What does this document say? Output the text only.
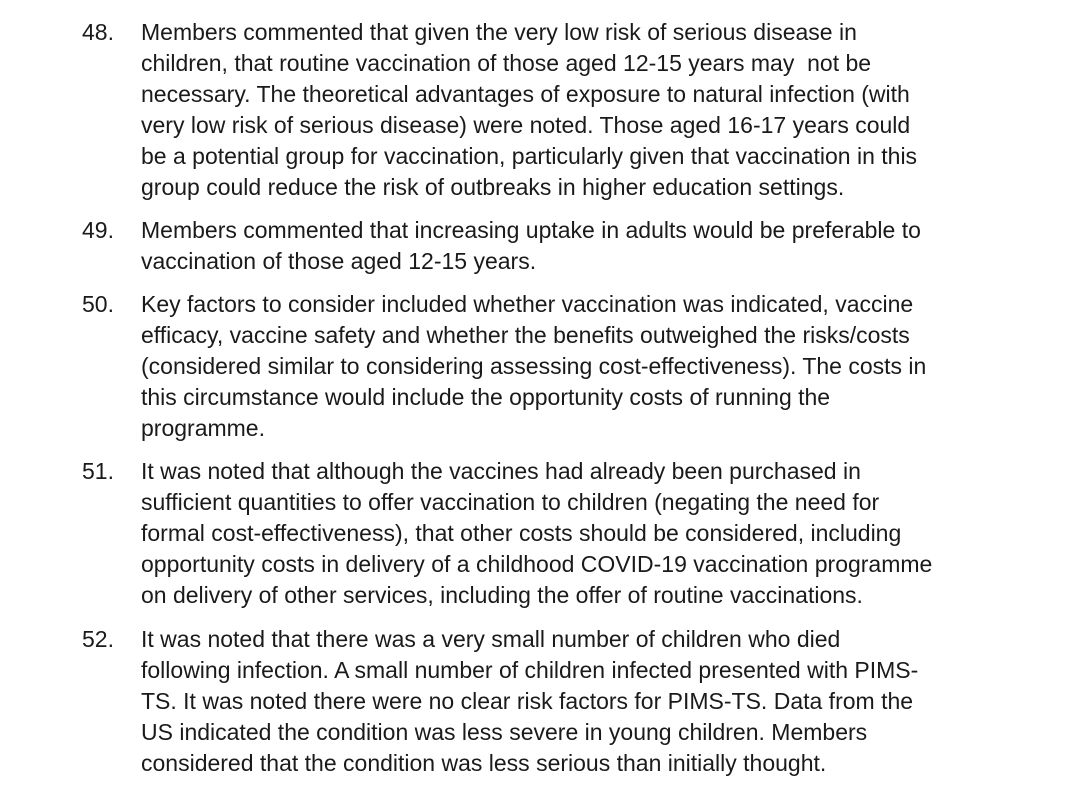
48. Members commented that given the very low risk of serious disease in
children, that routine vaccination of those aged 12-15 years may  not be
necessary. The theoretical advantages of exposure to natural infection (with
very low risk of serious disease) were noted. Those aged 16-17 years could
be a potential group for vaccination, particularly given that vaccination in this
group could reduce the risk of outbreaks in higher education settings.
49. Members commented that increasing uptake in adults would be preferable to
vaccination of those aged 12-15 years.
50. Key factors to consider included whether vaccination was indicated, vaccine
efficacy, vaccine safety and whether the benefits outweighed the risks/costs
(considered similar to considering assessing cost-effectiveness). The costs in
this circumstance would include the opportunity costs of running the
programme.
51. It was noted that although the vaccines had already been purchased in
sufficient quantities to offer vaccination to children (negating the need for
formal cost-effectiveness), that other costs should be considered, including
opportunity costs in delivery of a childhood COVID-19 vaccination programme
on delivery of other services, including the offer of routine vaccinations.
52. It was noted that there was a very small number of children who died
following infection. A small number of children infected presented with PIMS-
TS. It was noted there were no clear risk factors for PIMS-TS. Data from the
US indicated the condition was less severe in young children. Members
considered that the condition was less serious than initially thought.
